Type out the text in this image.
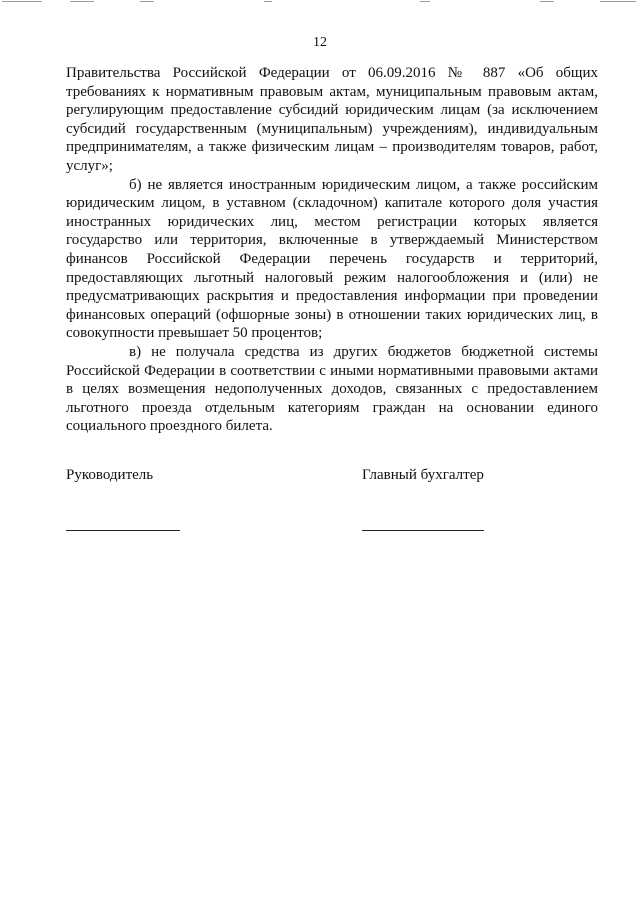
12

Правительства Российской Федерации от 06.09.2016 № 887 «Об общих требованиях к нормативным правовым актам, муниципальным правовым актам, регулирующим предоставление субсидий юридическим лицам (за исключением субсидий государственным (муниципальным) учреждениям), индивидуальным предпринимателям, а также физическим лицам – производителям товаров, работ, услуг»;

б) не является иностранным юридическим лицом, а также российским юридическим лицом, в уставном (складочном) капитале которого доля участия иностранных юридических лиц, местом регистрации которых является государство или территория, включенные в утверждаемый Министерством финансов Российской Федерации перечень государств и территорий, предоставляющих льготный налоговый режим налогообложения и (или) не предусматривающих раскрытия и предоставления информации при проведении финансовых операций (офшорные зоны) в отношении таких юридических лиц, в совокупности превышает 50 процентов;

в) не получала средства из других бюджетов бюджетной системы Российской Федерации в соответствии с иными нормативными правовыми актами в целях возмещения недополученных доходов, связанных с предоставлением льготного проезда отдельным категориям граждан на основании единого социального проездного билета.

Руководитель	Главный бухгалтер
